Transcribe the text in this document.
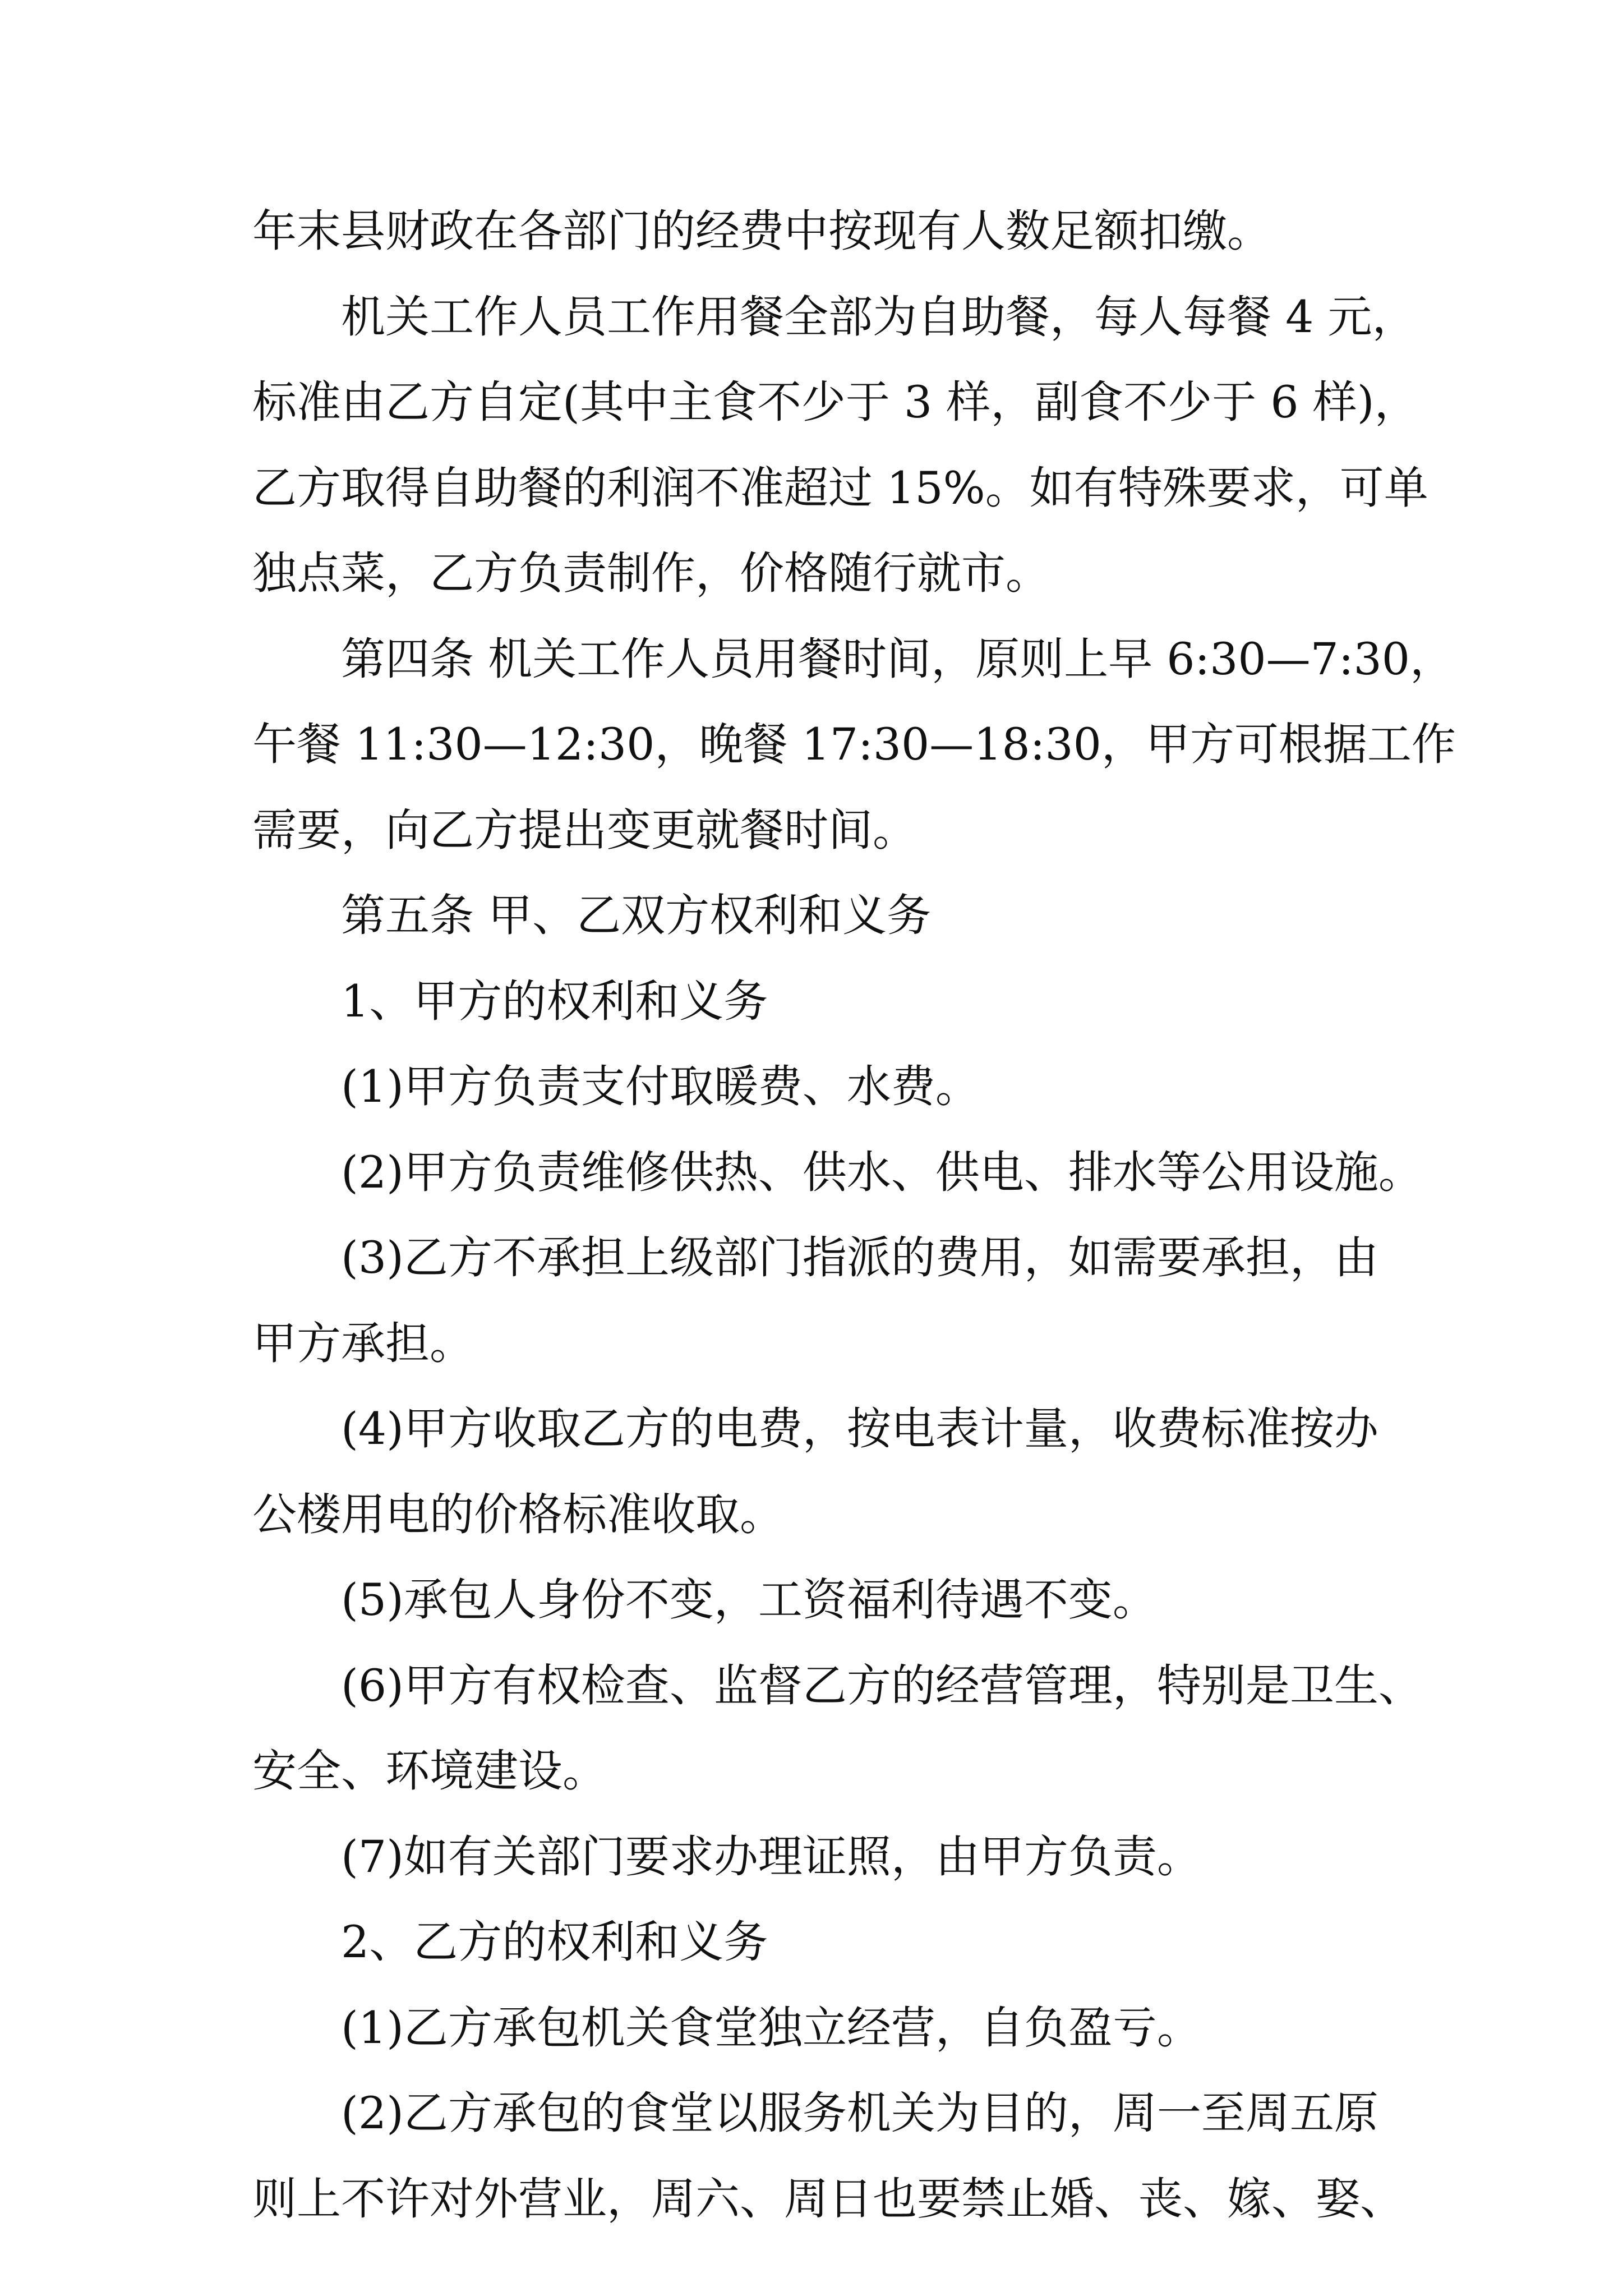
年末县财政在各部门的经费中按现有人数足额扣缴。
机关工作人员工作用餐全部为自助餐，每人每餐 4 元，
标准由乙方自定(其中主食不少于 3 样，副食不少于 6 样)，
乙方取得自助餐的利润不准超过 15%。如有特殊要求，可单
独点菜，乙方负责制作，价格随行就市。
第四条 机关工作人员用餐时间，原则上早 6:30—7:30，
午餐 11:30—12:30，晚餐 17:30—18:30，甲方可根据工作
需要，向乙方提出变更就餐时间。
第五条 甲、乙双方权利和义务
1、甲方的权利和义务
(1)甲方负责支付取暖费、水费。
(2)甲方负责维修供热、供水、供电、排水等公用设施。
(3)乙方不承担上级部门指派的费用，如需要承担，由
甲方承担。
(4)甲方收取乙方的电费，按电表计量，收费标准按办
公楼用电的价格标准收取。
(5)承包人身份不变，工资福利待遇不变。
(6)甲方有权检查、监督乙方的经营管理，特别是卫生、
安全、环境建设。
(7)如有关部门要求办理证照，由甲方负责。
2、乙方的权利和义务
(1)乙方承包机关食堂独立经营，自负盈亏。
(2)乙方承包的食堂以服务机关为目的，周一至周五原
则上不许对外营业，周六、周日也要禁止婚、丧、嫁、娶、
